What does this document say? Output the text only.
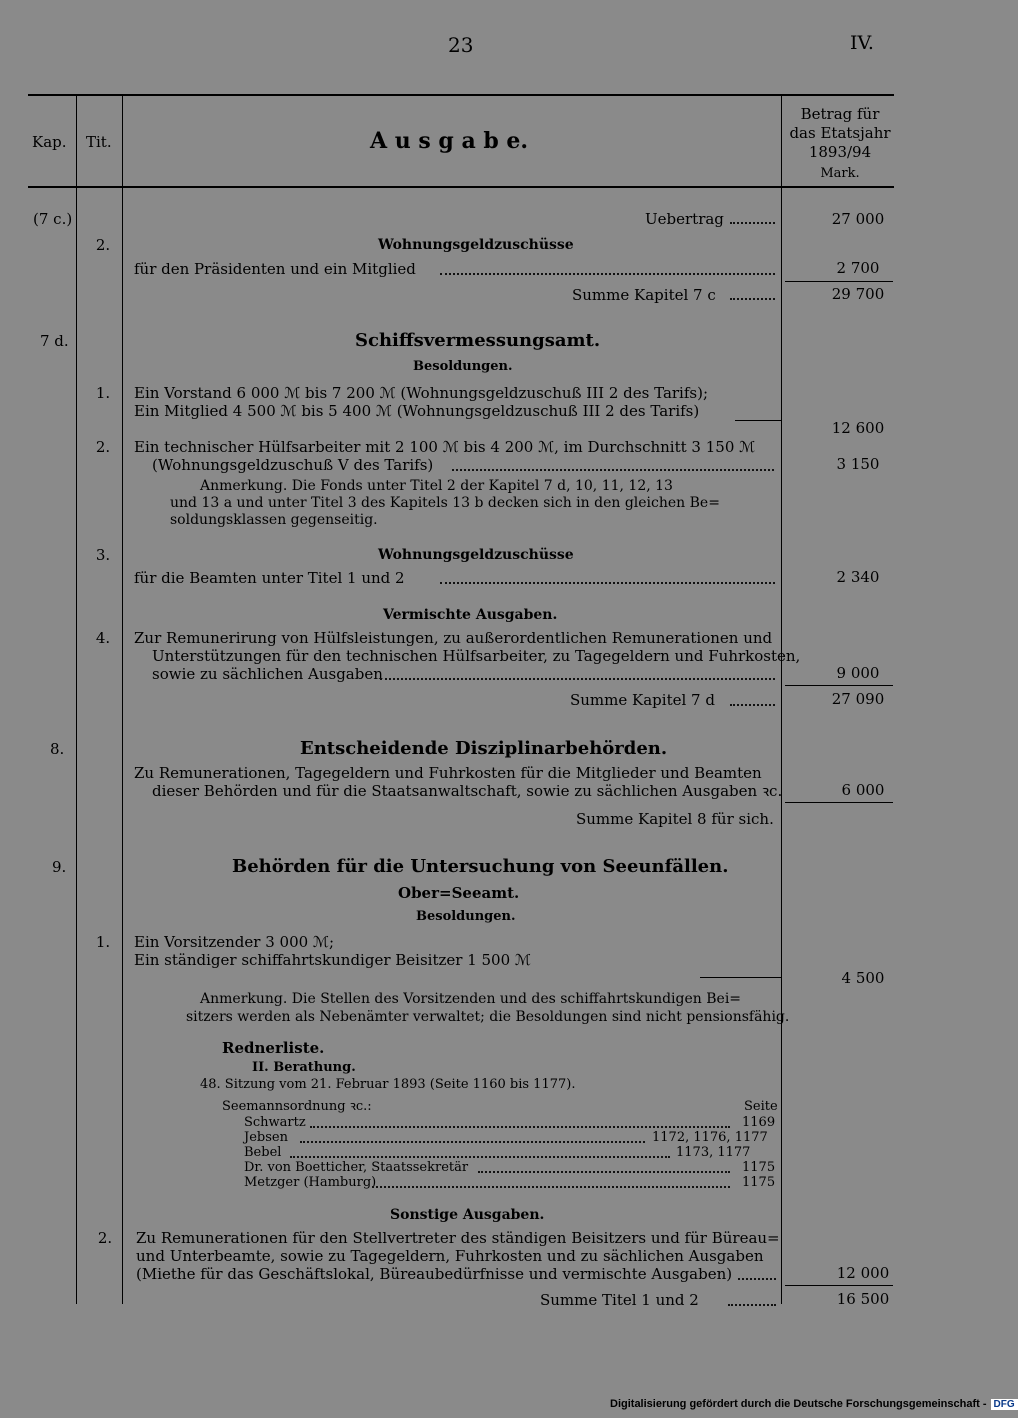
23	IV.
Kap. Tit.	A u s g a b e.
Betrag für
das Etatsjahr
1893/94
Mark.
(7 c.)	Uebertrag	27 000
2.	Wohnungsgeldzuschüsse
für den Präsidenten und ein Mitglied	2 700
Summe Kapitel 7 c	29 700
7 d.	Schiffsvermessungsamt.
Besoldungen.
1.	Ein Vorstand 6 000 ℳ bis 7 200 ℳ (Wohnungsgeldzuschuß III 2 des Tarifs);
Ein Mitglied 4 500 ℳ bis 5 400 ℳ (Wohnungsgeldzuschuß III 2 des Tarifs)
12 600
2.	Ein technischer Hülfsarbeiter mit 2 100 ℳ bis 4 200 ℳ, im Durchschnitt 3 150 ℳ
(Wohnungsgeldzuschuß V des Tarifs)	3 150
Anmerkung. Die Fonds unter Titel 2 der Kapitel 7 d, 10, 11, 12, 13
und 13 a und unter Titel 3 des Kapitels 13 b decken sich in den gleichen Be=
soldungsklassen gegenseitig.
3.	Wohnungsgeldzuschüsse
für die Beamten unter Titel 1 und 2	2 340
Vermischte Ausgaben.
4.	Zur Remunerirung von Hülfsleistungen, zu außerordentlichen Remunerationen und
Unterstützungen für den technischen Hülfsarbeiter, zu Tagegeldern und Fuhrkosten,
sowie zu sächlichen Ausgaben	9 000
Summe Kapitel 7 d	27 090
8.	Entscheidende Disziplinarbehörden.
Zu Remunerationen, Tagegeldern und Fuhrkosten für die Mitglieder und Beamten
dieser Behörden und für die Staatsanwaltschaft, sowie zu sächlichen Ausgaben ꝛc.	6 000
Summe Kapitel 8 für sich.
9.	Behörden für die Untersuchung von Seeunfällen.
Ober=Seeamt.
Besoldungen.
1.	Ein Vorsitzender 3 000 ℳ;
Ein ständiger schiffahrtskundiger Beisitzer 1 500 ℳ
4 500
Anmerkung. Die Stellen des Vorsitzenden und des schiffahrtskundigen Bei=
sitzers werden als Nebenämter verwaltet; die Besoldungen sind nicht pensionsfähig.
Rednerliste.
II. Berathung.
48. Sitzung vom 21. Februar 1893 (Seite 1160 bis 1177).
Seemannsordnung ꝛc.:	Seite
Schwartz	1169
Jebsen	1172, 1176, 1177
Bebel	1173, 1177
Dr. von Boetticher, Staatssekretär	1175
Metzger (Hamburg)	1175
Sonstige Ausgaben.
2.	Zu Remunerationen für den Stellvertreter des ständigen Beisitzers und für Büreau=
und Unterbeamte, sowie zu Tagegeldern, Fuhrkosten und zu sächlichen Ausgaben
(Miethe für das Geschäftslokal, Büreaubedürfnisse und vermischte Ausgaben)	12 000
Summe Titel 1 und 2	16 500
Digitalisierung gefördert durch die Deutsche Forschungsgemeinschaft - DFG
